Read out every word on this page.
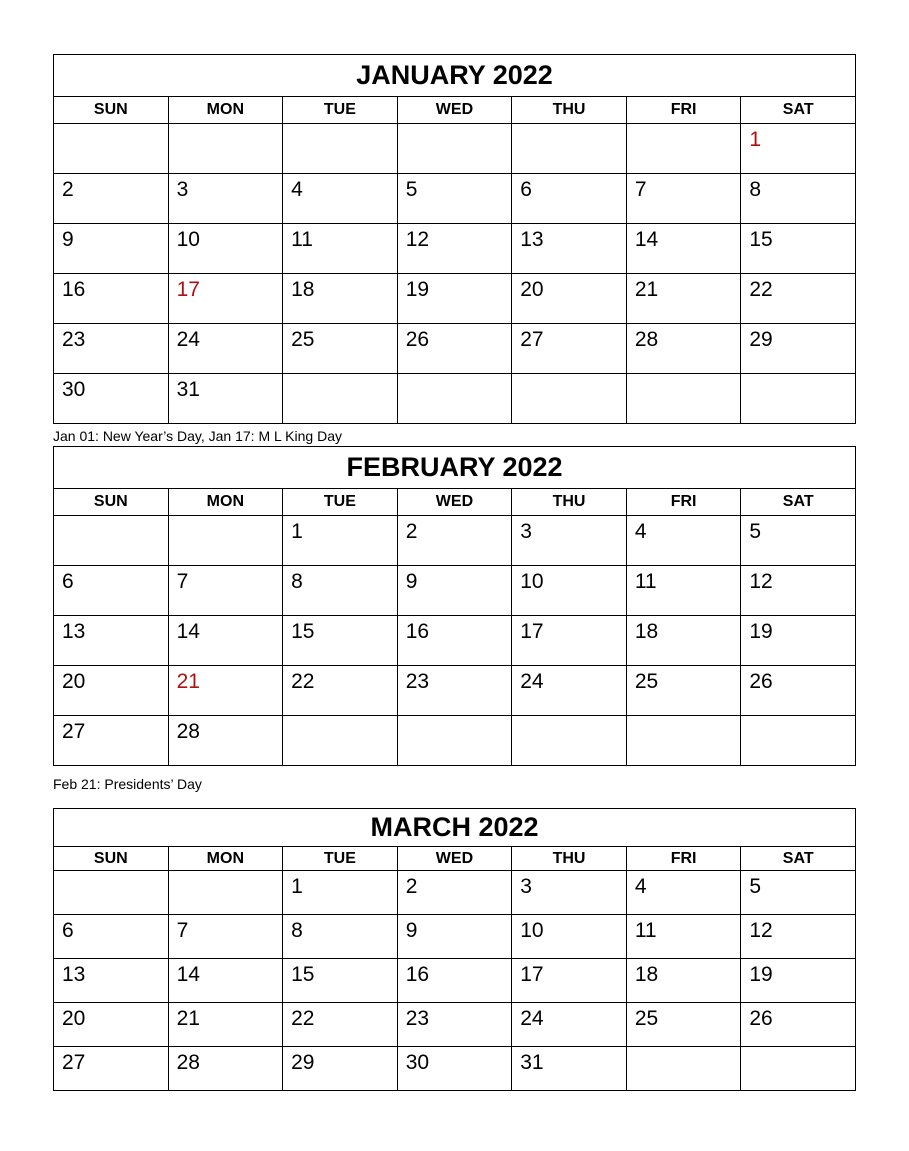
JANUARY 2022						
SUN	MON	TUE	WED	THU	FRI	SAT
						1
2	3	4	5	6	7	8
9	10	11	12	13	14	15
16	17	18	19	20	21	22
23	24	25	26	27	28	29
30	31					
Jan 01: New Year’s Day, Jan 17: M L King Day
FEBRUARY 2022						
SUN	MON	TUE	WED	THU	FRI	SAT
		1	2	3	4	5
6	7	8	9	10	11	12
13	14	15	16	17	18	19
20	21	22	23	24	25	26
27	28					
Feb 21: Presidents’ Day
MARCH 2022						
SUN	MON	TUE	WED	THU	FRI	SAT
		1	2	3	4	5
6	7	8	9	10	11	12
13	14	15	16	17	18	19
20	21	22	23	24	25	26
27	28	29	30	31		
